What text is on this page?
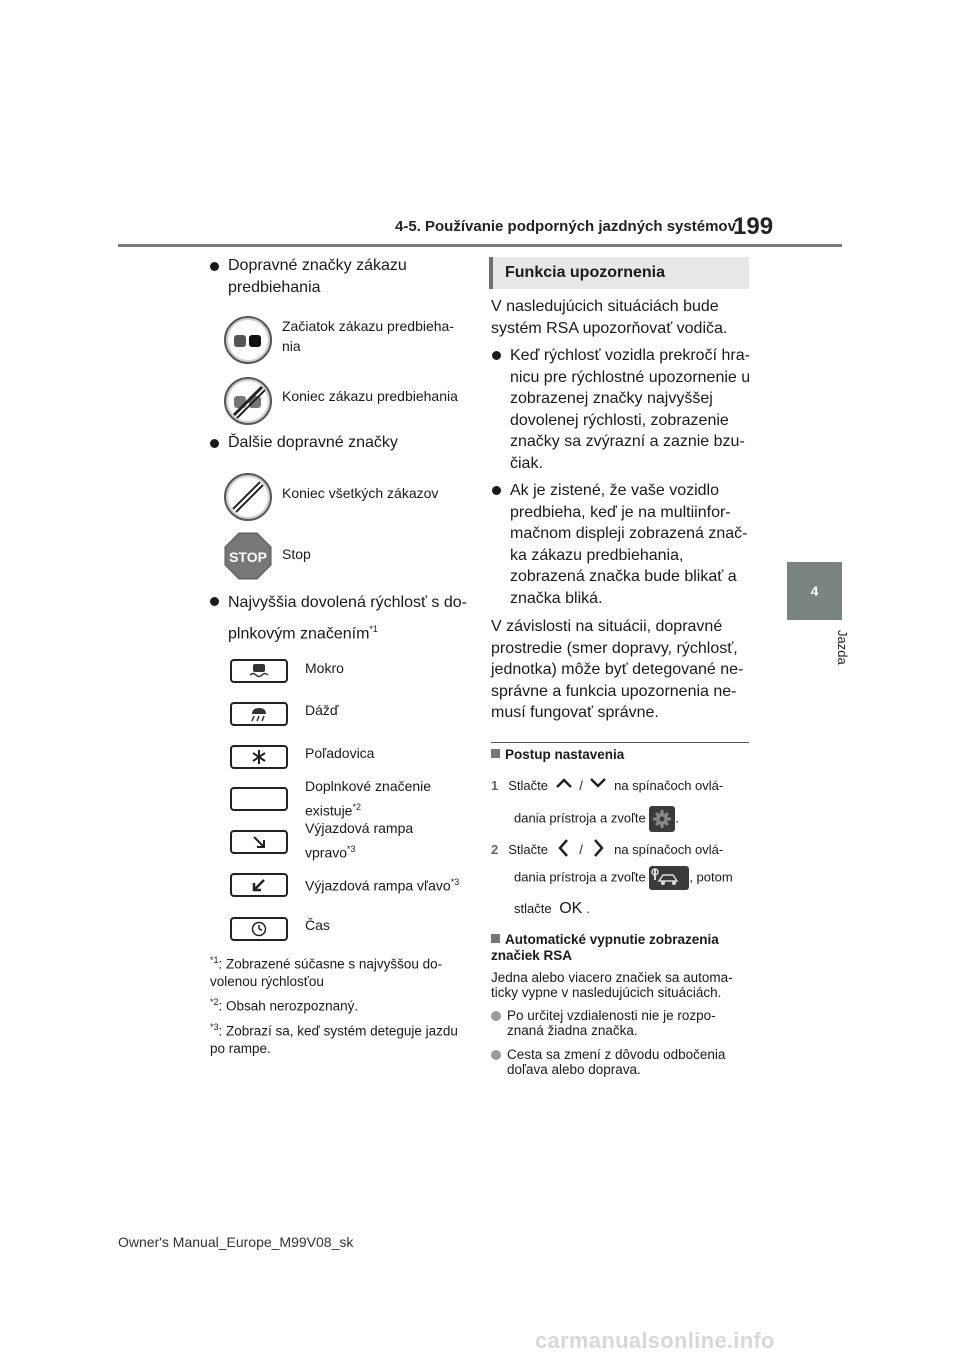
4-5. Používanie podporných jazdných systémov
199
4
Jazda
Dopravné značky zákazu predbiehania
Začiatok zákazu predbieha-nia
Koniec zákazu predbiehania
Ďalšie dopravné značky
Koniec všetkých zákazov
STOP Stop
Najvyššia dovolená rýchlosť s do-plnkovým značením$^{*1}$
Mokro
Dážď
Poľadovica
Doplnkové značenie existuje$^{*2}$
Výjazdová rampa vpravo$^{*3}$
Výjazdová rampa vľavo$^{*3}$
Čas
$^{*1}$: Zobrazené súčasne s najvyššou do-volenou rýchlosťou
$^{*2}$: Obsah nerozpoznaný.
$^{*3}$: Zobrazí sa, keď systém deteguje jazdu po rampe.
Funkcia upozornenia
V nasledujúcich situáciách bude systém RSA upozorňovať vodiča.
Keď rýchlosť vozidla prekročí hra-nicu pre rýchlostné upozornenie u zobrazenej značky najvyššej dovolenej rýchlosti, zobrazenie značky sa zvýrazní a zaznie bzu-čiak.
Ak je zistené, že vaše vozidlo predbieha, keď je na multiinfor-mačnom displeji zobrazená znač-ka zákazu predbiehania, zobrazená značka bude blikať a značka bliká.
V závislosti na situácii, dopravné prostredie (smer dopravy, rýchlosť, jednotka) môže byť detegované ne-správne a funkcia upozornenia ne-musí fungovať správne.
Postup nastavenia
1 Stlačte / na spínačoch ovlá-
dania prístroja a zvoľte .
2 Stlačte / na spínačoch ovlá-
dania prístroja a zvoľte	, potom
stlačte OK .
Automatické vypnutie zobrazenia značiek RSA
Jedna alebo viacero značiek sa automa-ticky vypne v nasledujúcich situáciách.
Po určitej vzdialenosti nie je rozpo-znaná žiadna značka.
Cesta sa zmení z dôvodu odbočenia doľava alebo doprava.
Owner's Manual_Europe_M99V08_sk
carmanualsonline.info
